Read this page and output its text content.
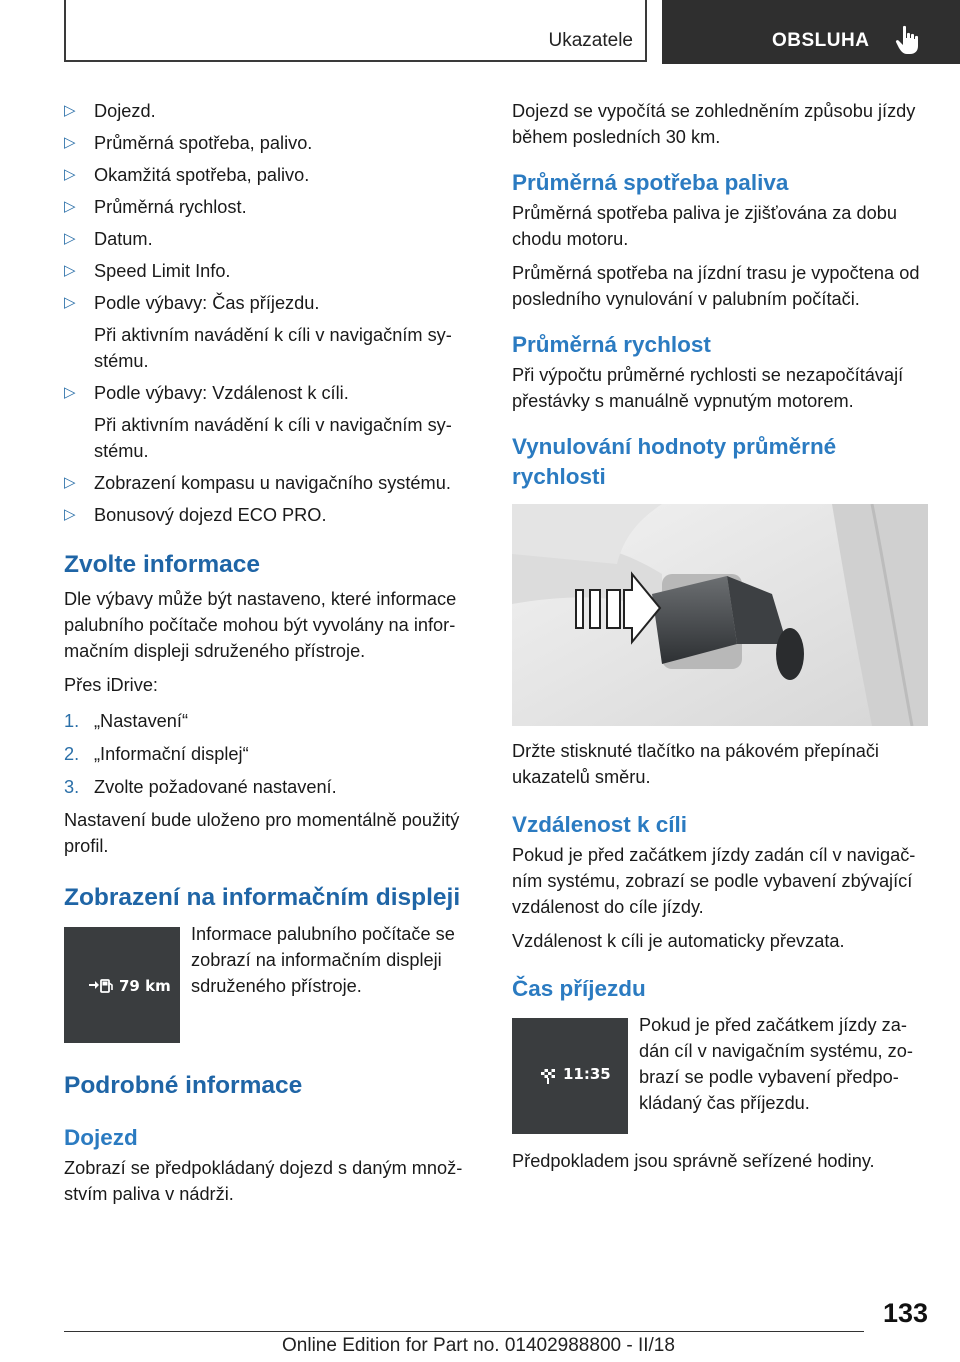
Ukazatele	OBSLUHA
▷ Dojezd.
▷ Průměrná spotřeba, palivo.
▷ Okamžitá spotřeba, palivo.
▷ Průměrná rychlost.
▷ Datum.
▷ Speed Limit Info.
▷ Podle výbavy: Čas příjezdu.
Při aktivním navádění k cíli v navigačním sy‐stému.
▷ Podle výbavy: Vzdálenost k cíli.
Při aktivním navádění k cíli v navigačním sy‐stému.
▷ Zobrazení kompasu u navigačního systému.
▷ Bonusový dojezd ECO PRO.
Zvolte informace

Dle výbavy může být nastaveno, které informace palubního počítače mohou být vyvolány na infor‐mačním displeji sdruženého přístroje.

Přes iDrive:

1. „Nastavení“
2. „Informační displej“
3. Zvolte požadované nastavení.

Nastavení bude uloženo pro momentálně použitý profil.

Zobrazení na informačním displeji
79 km

Informace palubního počítače se zobrazí na informačním displeji sdruženého přístroje.

Podrobné informace
Dojezd

Zobrazí se předpokládaný dojezd s daným množ‐stvím paliva v nádrži.

Dojezd se vypočítá se zohledněním způsobu jízdy během posledních 30 km.

Průměrná spotřeba paliva

Průměrná spotřeba paliva je zjišťována za dobu chodu motoru.

Průměrná spotřeba na jízdní trasu je vypočtena od posledního vynulování v palubním počítači.

Průměrná rychlost

Při výpočtu průměrné rychlosti se nezapočítávají přestávky s manuálně vypnutým motorem.

Vynulování hodnoty průměrné rychlosti

Držte stisknuté tlačítko na pákovém přepínači ukazatelů směru.

Vzdálenost k cíli

Pokud je před začátkem jízdy zadán cíl v navigač‐ním systému, zobrazí se podle vybavení zbývající vzdálenost do cíle jízdy.

Vzdálenost k cíli je automaticky převzata.

Čas příjezdu
11:35

Pokud je před začátkem jízdy za‐dán cíl v navigačním systému, zo‐brazí se podle vybavení předpo‐kládaný čas příjezdu.

Předpokladem jsou správně seřízené hodiny.

133
Online Edition for Part no. 01402988800 - II/18
